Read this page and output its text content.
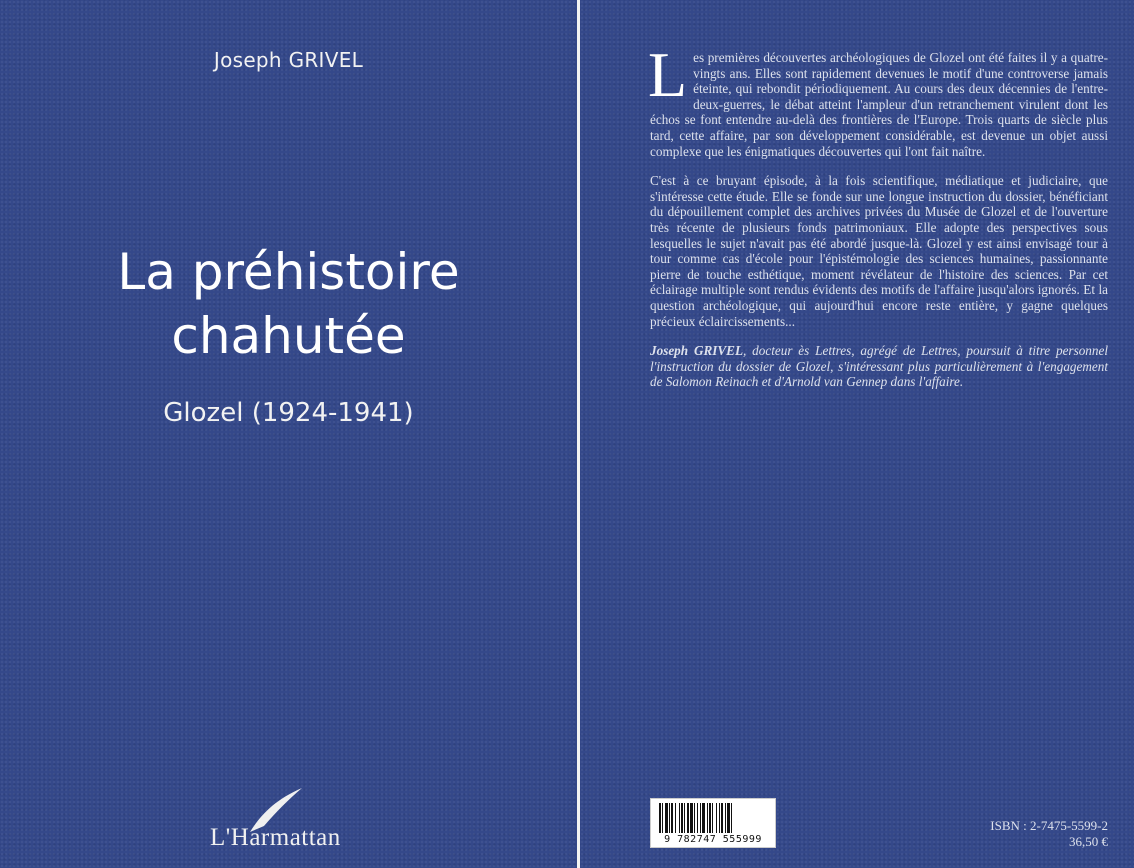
Joseph GRIVEL
La préhistoire
chahutée
Glozel (1924-1941)
L'Harmattan

Les premières découvertes archéologiques de Glozel ont été faites il y a quatre-vingts ans. Elles sont rapidement devenues le motif d'une controverse jamais éteinte, qui rebondit périodiquement. Au cours des deux décennies de l'entre-deux-guerres, le débat atteint l'ampleur d'un retranchement virulent dont les échos se font entendre au-delà des frontières de l'Europe. Trois quarts de siècle plus tard, cette affaire, par son développement considérable, est devenue un objet aussi complexe que les énigmatiques découvertes qui l'ont fait naître.

C'est à ce bruyant épisode, à la fois scientifique, médiatique et judiciaire, que s'intéresse cette étude. Elle se fonde sur une longue instruction du dossier, bénéficiant du dépouillement complet des archives privées du Musée de Glozel et de l'ouverture très récente de plusieurs fonds patrimoniaux. Elle adopte des perspectives sous lesquelles le sujet n'avait pas été abordé jusque-là. Glozel y est ainsi envisagé tour à tour comme cas d'école pour l'épistémologie des sciences humaines, passionnante pierre de touche esthétique, moment révélateur de l'histoire des sciences. Par cet éclairage multiple sont rendus évidents des motifs de l'affaire jusqu'alors ignorés. Et la question archéologique, qui aujourd'hui encore reste entière, y gagne quelques précieux éclaircissements...

Joseph GRIVEL, docteur ès Lettres, agrégé de Lettres, poursuit à titre personnel l'instruction du dossier de Glozel, s'intéressant plus particulièrement à l'engagement de Salomon Reinach et d'Arnold van Gennep dans l'affaire.

9 782747 555999
ISBN : 2-7475-5599-2
36,50 €
